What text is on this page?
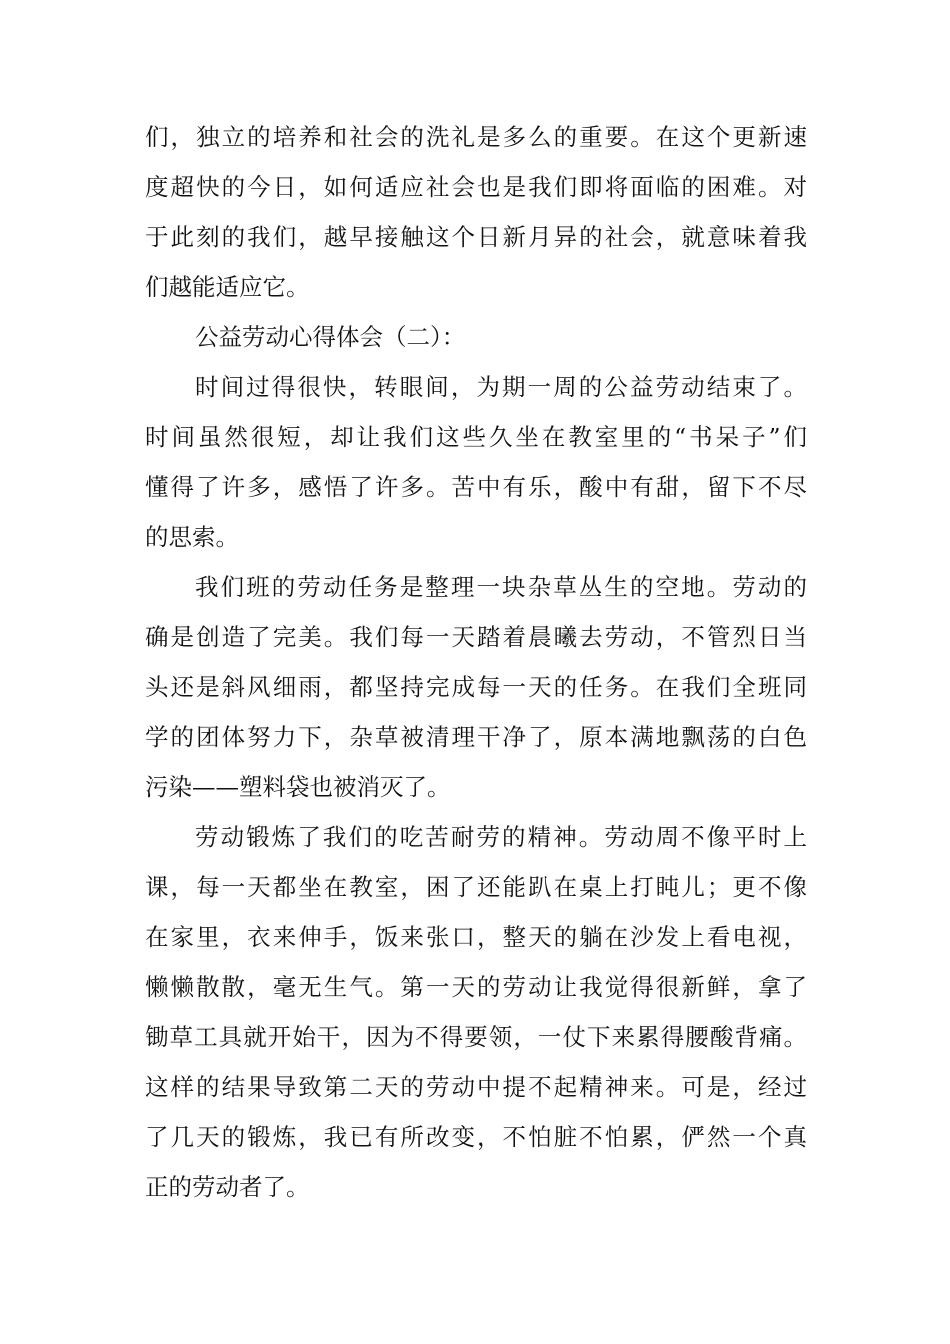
们，独立的培养和社会的洗礼是多么的重要。在这个更新速
度超快的今日，如何适应社会也是我们即将面临的困难。对
于此刻的我们，越早接触这个日新月异的社会，就意味着我
们越能适应它。
公益劳动心得体会（二）：
时间过得很快，转眼间，为期一周的公益劳动结束了。
时间虽然很短，却让我们这些久坐在教室里的“书呆子”们
懂得了许多，感悟了许多。苦中有乐，酸中有甜，留下不尽
的思索。
我们班的劳动任务是整理一块杂草丛生的空地。劳动的
确是创造了完美。我们每一天踏着晨曦去劳动，不管烈日当
头还是斜风细雨，都坚持完成每一天的任务。在我们全班同
学的团体努力下，杂草被清理干净了，原本满地飘荡的白色
污染——塑料袋也被消灭了。
劳动锻炼了我们的吃苦耐劳的精神。劳动周不像平时上
课，每一天都坐在教室，困了还能趴在桌上打盹儿；更不像
在家里，衣来伸手，饭来张口，整天的躺在沙发上看电视，
懒懒散散，毫无生气。第一天的劳动让我觉得很新鲜，拿了
锄草工具就开始干，因为不得要领，一仗下来累得腰酸背痛。
这样的结果导致第二天的劳动中提不起精神来。可是，经过
了几天的锻炼，我已有所改变，不怕脏不怕累，俨然一个真
正的劳动者了。
